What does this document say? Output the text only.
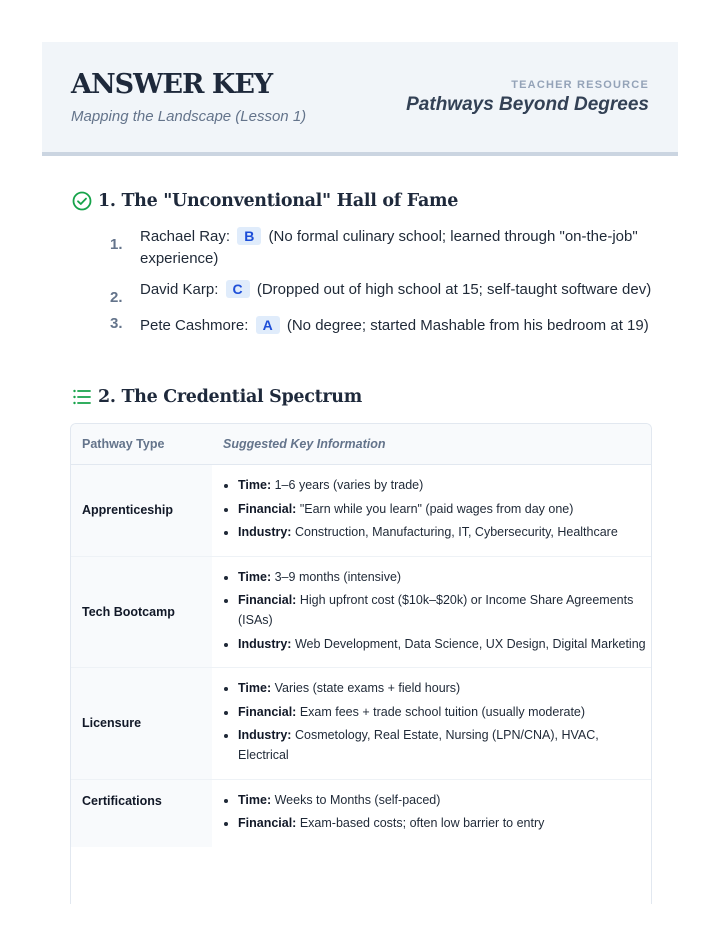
ANSWER KEY
Mapping the Landscape (Lesson 1)
TEACHER RESOURCE
Pathways Beyond Degrees
1. The "Unconventional" Hall of Fame
1.	Rachael Ray: B (No formal culinary school; learned through "on-the-job" experience)
2.	David Karp: C (Dropped out of high school at 15; self-taught software dev)
3.	Pete Cashmore: A (No degree; started Mashable from his bedroom at 19)
2. The Credential Spectrum
Pathway Type	Suggested Key Information
Apprenticeship
• Time: 1–6 years (varies by trade)
• Financial: "Earn while you learn" (paid wages from day one)
• Industry: Construction, Manufacturing, IT, Cybersecurity, Healthcare
Tech Bootcamp
• Time: 3–9 months (intensive)
• Financial: High upfront cost ($10k–$20k) or Income Share Agreements (ISAs)
• Industry: Web Development, Data Science, UX Design, Digital Marketing
Licensure
• Time: Varies (state exams + field hours)
• Financial: Exam fees + trade school tuition (usually moderate)
• Industry: Cosmetology, Real Estate, Nursing (LPN/CNA), HVAC, Electrical
Certifications
•	Time: Weeks to Months (self-paced)
• Financial: Exam-based costs; often low barrier to entry
